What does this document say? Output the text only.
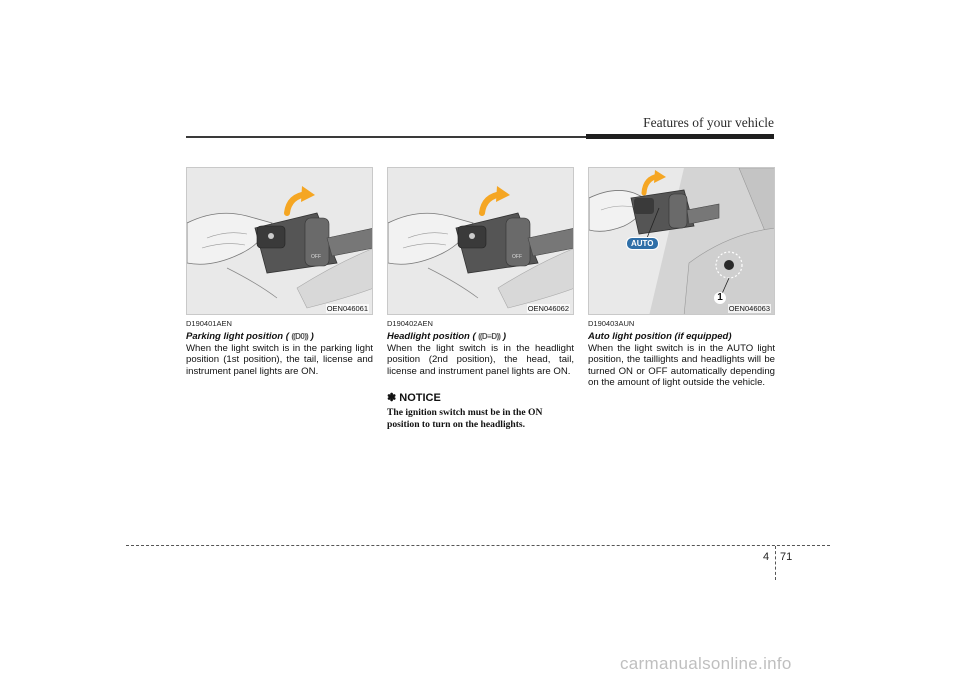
Features of your vehicle
OFF
OEN046061
D190401AEN
Parking light position ( ⸨D0⸩ )
When the light switch is in the parking light position (1st position), the tail, license and instrument panel lights are ON.
OFF
OEN046062
D190402AEN
Headlight position ( ⸨D≡D⸩ )
When the light switch is in the headlight position (2nd position), the head, tail, license and instrument panel lights are ON.
✽ NOTICE
The ignition switch must be in the ON position to turn on the headlights.
AUTO
1
OEN046063
D190403AUN
Auto light position (if equipped)
When the light switch is in the AUTO light position, the taillights and headlights will be turned ON or OFF automatically depending on the amount of light outside the vehicle.
4 71
carmanualsonline.info
